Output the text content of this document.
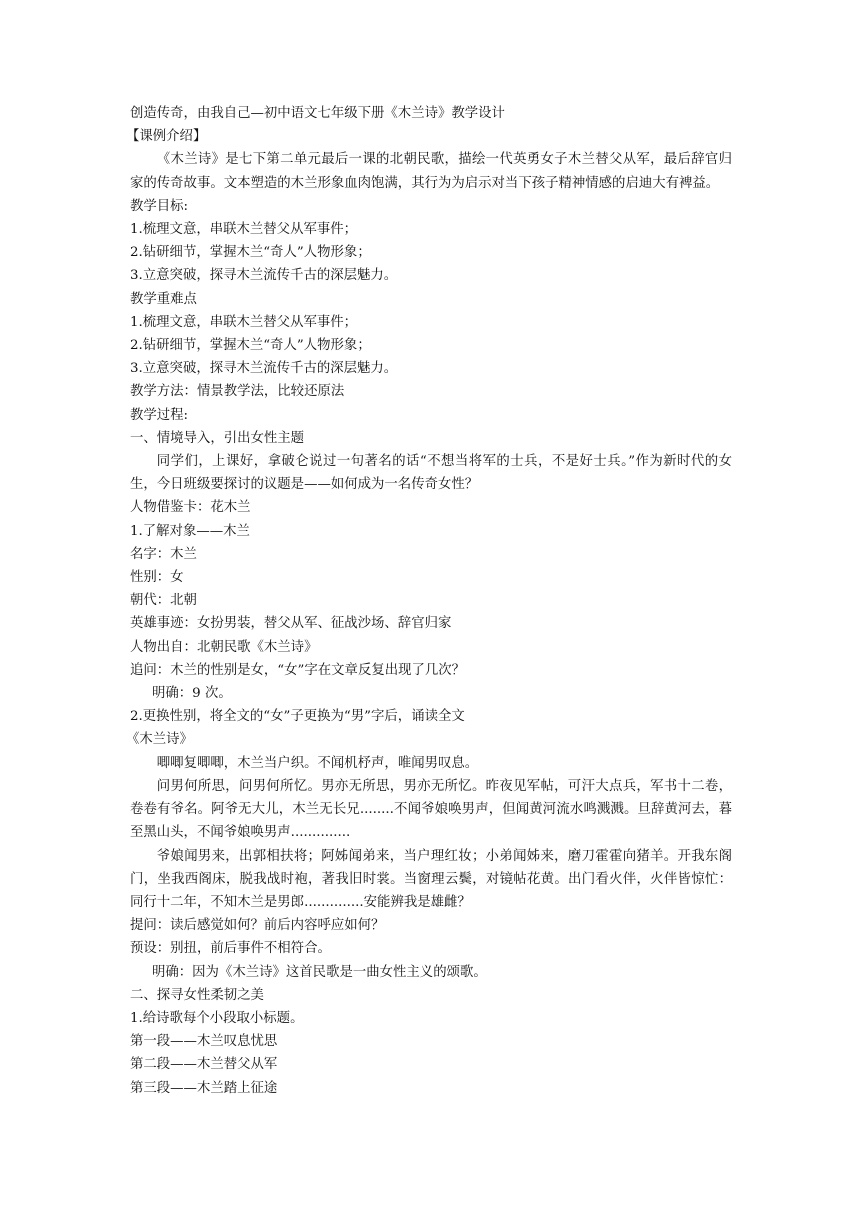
创造传奇，由我自己—初中语文七年级下册《木兰诗》教学设计
【课例介绍】
《木兰诗》是七下第二单元最后一课的北朝民歌，描绘一代英勇女子木兰替父从军，最后辞官归家的传奇故事。文本塑造的木兰形象血肉饱满，其行为为启示对当下孩子精神情感的启迪大有裨益。
教学目标:
1.梳理文意，串联木兰替父从军事件；
2.钻研细节，掌握木兰“奇人”人物形象；
3.立意突破，探寻木兰流传千古的深层魅力。
教学重难点
1.梳理文意，串联木兰替父从军事件；
2.钻研细节，掌握木兰“奇人”人物形象；
3.立意突破，探寻木兰流传千古的深层魅力。
教学方法：情景教学法，比较还原法
教学过程:
一、情境导入，引出女性主题
同学们，上课好，拿破仑说过一句著名的话“不想当将军的士兵，不是好士兵。”作为新时代的女生，今日班级要探讨的议题是——如何成为一名传奇女性？
人物借鉴卡：花木兰
1.了解对象——木兰
名字：木兰
性别：女
朝代：北朝
英雄事迹：女扮男装，替父从军、征战沙场、辞官归家
人物出自：北朝民歌《木兰诗》
追问：木兰的性别是女，“女”字在文章反复出现了几次？
明确：9 次。
2.更换性别，将全文的“女”子更换为“男”字后，诵读全文
《木兰诗》
唧唧复唧唧，木兰当户织。不闻机杼声，唯闻男叹息。
问男何所思，问男何所忆。男亦无所思，男亦无所忆。昨夜见军帖，可汗大点兵，军书十二卷，卷卷有爷名。阿爷无大儿，木兰无长兄........不闻爷娘唤男声，但闻黄河流水鸣溅溅。旦辞黄河去，暮至黑山头，不闻爷娘唤男声..............
爷娘闻男来，出郭相扶将；阿姊闻弟来，当户理红妆；小弟闻姊来，磨刀霍霍向猪羊。开我东阁门，坐我西阁床，脱我战时袍，著我旧时裳。当窗理云鬓，对镜帖花黄。出门看火伴，火伴皆惊忙：同行十二年，不知木兰是男郎..............安能辨我是雄雌？
提问：读后感觉如何？前后内容呼应如何？
预设：别扭，前后事件不相符合。
明确：因为《木兰诗》这首民歌是一曲女性主义的颂歌。
二、探寻女性柔韧之美
1.给诗歌每个小段取小标题。
第一段——木兰叹息忧思
第二段——木兰替父从军
第三段——木兰踏上征途
